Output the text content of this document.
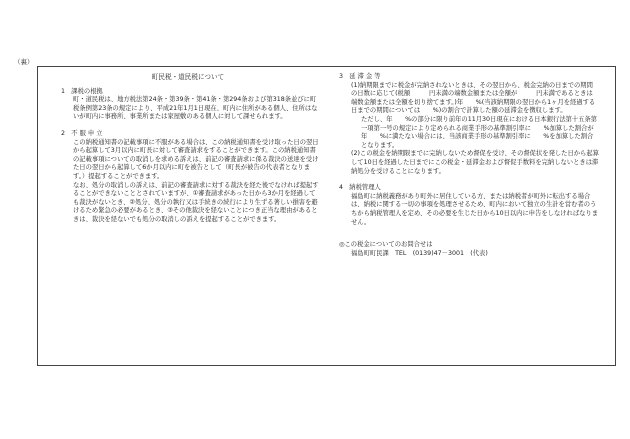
（裏）
町民税・道民税について
1　課税の根拠

町・道民税は、地方税法第24条・第39条・第41条・第294条および第318条並びに町税条例第23条の規定により、平成21年1月1日現在、町内に住所がある個人、住所はないが町内に事務所、事業所または家屋敷のある個人に対して課せられます。

2　不 服 申 立

この納税通知書の記載事項に不服がある場合は、この納税通知書を受け取った日の翌日から起算して3月以内に町長に対して審査請求をすることができます。この納税通知書の記載事項についての取消しを求める訴えは、前記の審査請求に係る裁決の送達を受けた日の翌日から起算して6か月以内に町を被告として（町長が被告の代表者となります。）提起することができます。

なお、処分の取消しの訴えは、前記の審査請求に対する裁決を経た後でなければ提起することができないこととされていますが、①審査請求があった日から3か月を経過しても裁決がないとき、②処分、処分の執行又は手続きの続行により生ずる著しい損害を避けるため緊急の必要があるとき、③その他裁決を経ないことにつき正当な理由があるときは、裁決を経ないでも処分の取消しの訴えを提起することができます。

3　延 滞 金 等

(1)納期限までに税金が完納されないときは、その翌日から、税金完納の日までの期間の日数に応じて(税額　　　円未満の端数金額または全額が　　　円未満であるときは端数金額または全額を切り捨てます。)年　　%(当該納期限の翌日から1ヶ月を経過する日までの期間については　　%)の割合で計算した額の延滞金を徴収します。

ただし、年　　%の部分に限り前年の11月30日現在における日本銀行法第十五条第一項第一号の規定により定められる商業手形の基準割引率に　　%加算した割合が年　　%に満たない場合には、当該商業手形の基準割引率に　　%を加算した割合となります。

(2)この税金を納期限までに完納しないため督促を受け、その督促状を発した日から起算して10日を経過した日までにこの税金・延滞金および督促手数料を完納しないときは滞納処分を受けることになります。

4　納税管理人

福島町に納税義務があり町外に居住している方、または納税者が町外に転出する場合は、納税に関する一切の事項を処理させるため、町内において独立の生計を営む者のうちから納税管理人を定め、その必要を生じた日から10日以内に申告をしなければなりません。

◎この税金についてのお問合せは
福島町町民課　TEL　(0139)47－3001　(代表)
